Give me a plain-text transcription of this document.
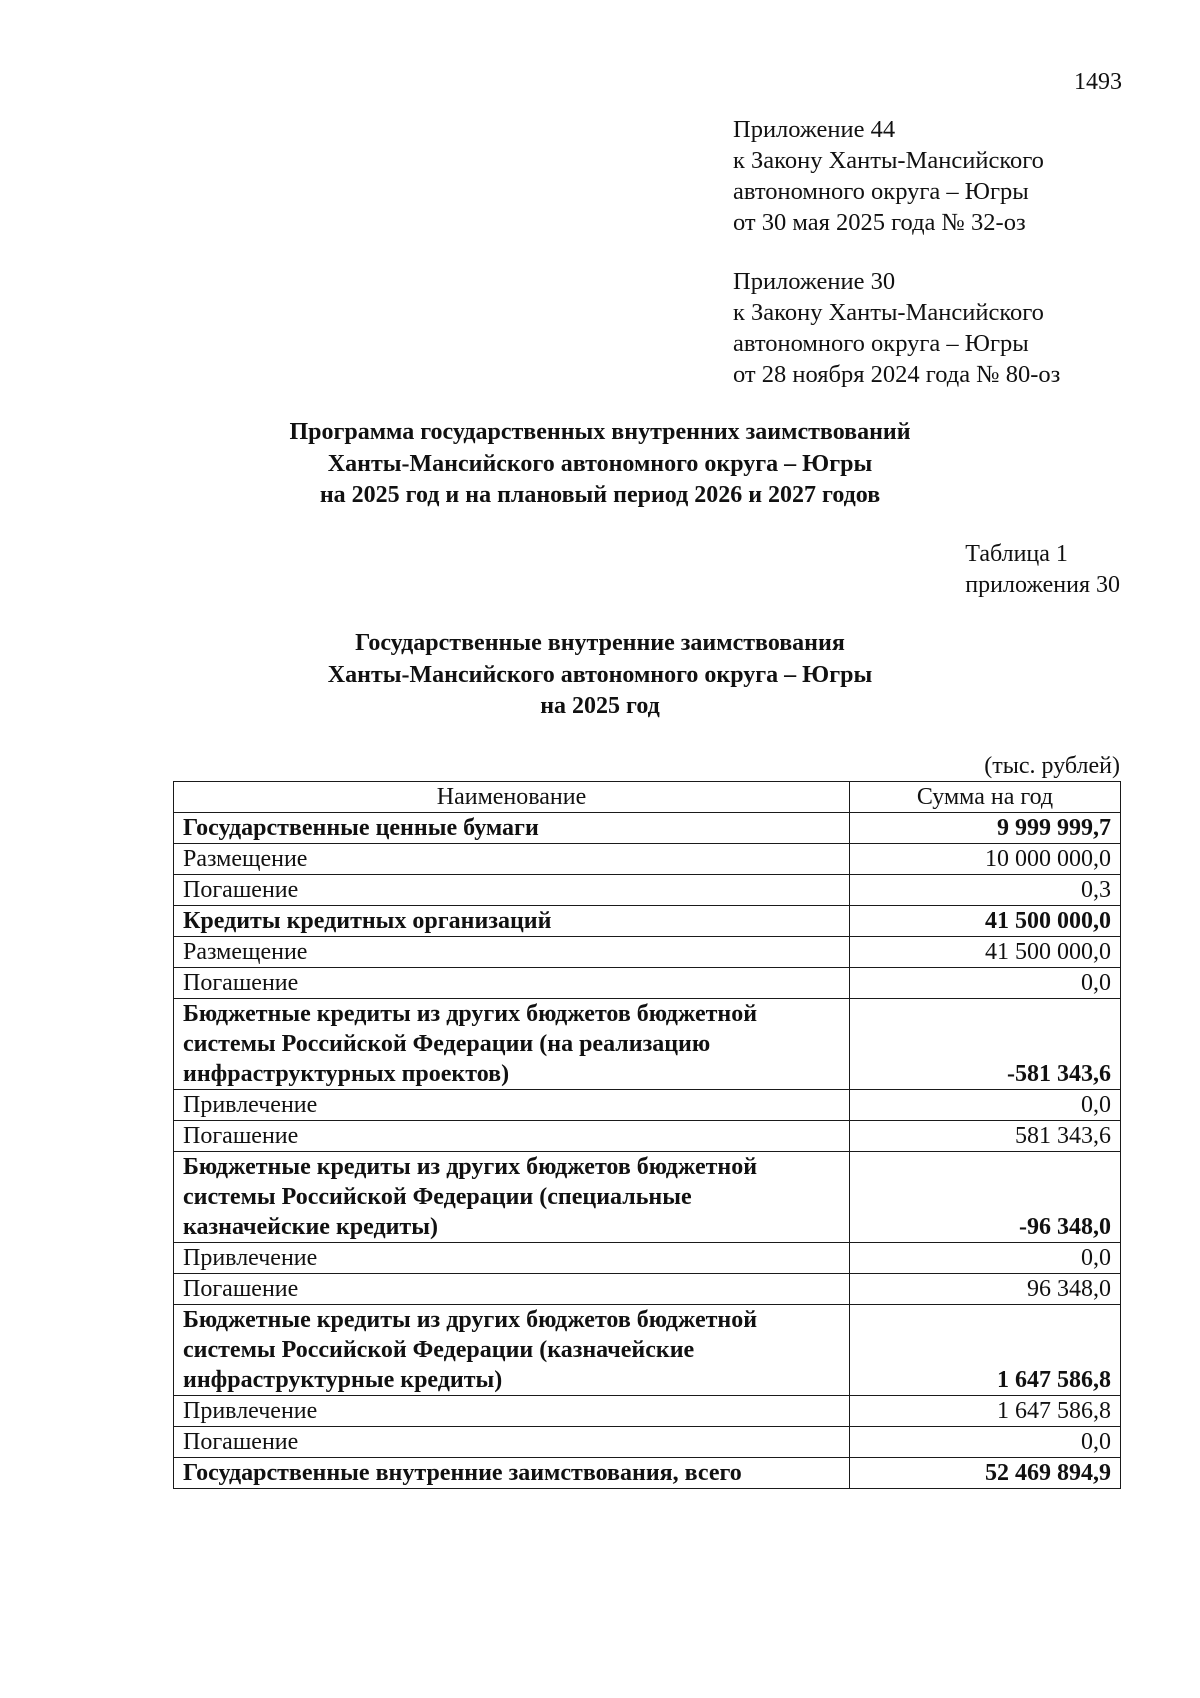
1493
Приложение 44
к Закону Ханты-Мансийского
автономного округа – Югры
от 30 мая 2025 года № 32-оз
Приложение 30
к Закону Ханты-Мансийского
автономного округа – Югры
от 28 ноября 2024 года № 80-оз
Программа государственных внутренних заимствований
Ханты-Мансийского автономного округа – Югры
на 2025 год и на плановый период 2026 и 2027 годов
Таблица 1
приложения 30
Государственные внутренние заимствования
Ханты-Мансийского автономного округа – Югры
на 2025 год
(тыс. рублей)
Наименование	Сумма на год

Государственные ценные бумаги	9 999 999,7

Размещение	10 000 000,0

Погашение	0,3

Кредиты кредитных организаций	41 500 000,0

Размещение	41 500 000,0

Погашение	0,0

Бюджетные кредиты из других бюджетов бюджетной
системы Российской Федерации (на реализацию
инфраструктурных проектов)	-581 343,6

Привлечение	0,0

Погашение	581 343,6

Бюджетные кредиты из других бюджетов бюджетной
системы Российской Федерации (специальные
казначейские кредиты)	-96 348,0

Привлечение	0,0

Погашение	96 348,0

Бюджетные кредиты из других бюджетов бюджетной
системы Российской Федерации (казначейские
инфраструктурные кредиты)	1 647 586,8

Привлечение	1 647 586,8

Погашение	0,0

Государственные внутренние заимствования, всего	52 469 894,9
